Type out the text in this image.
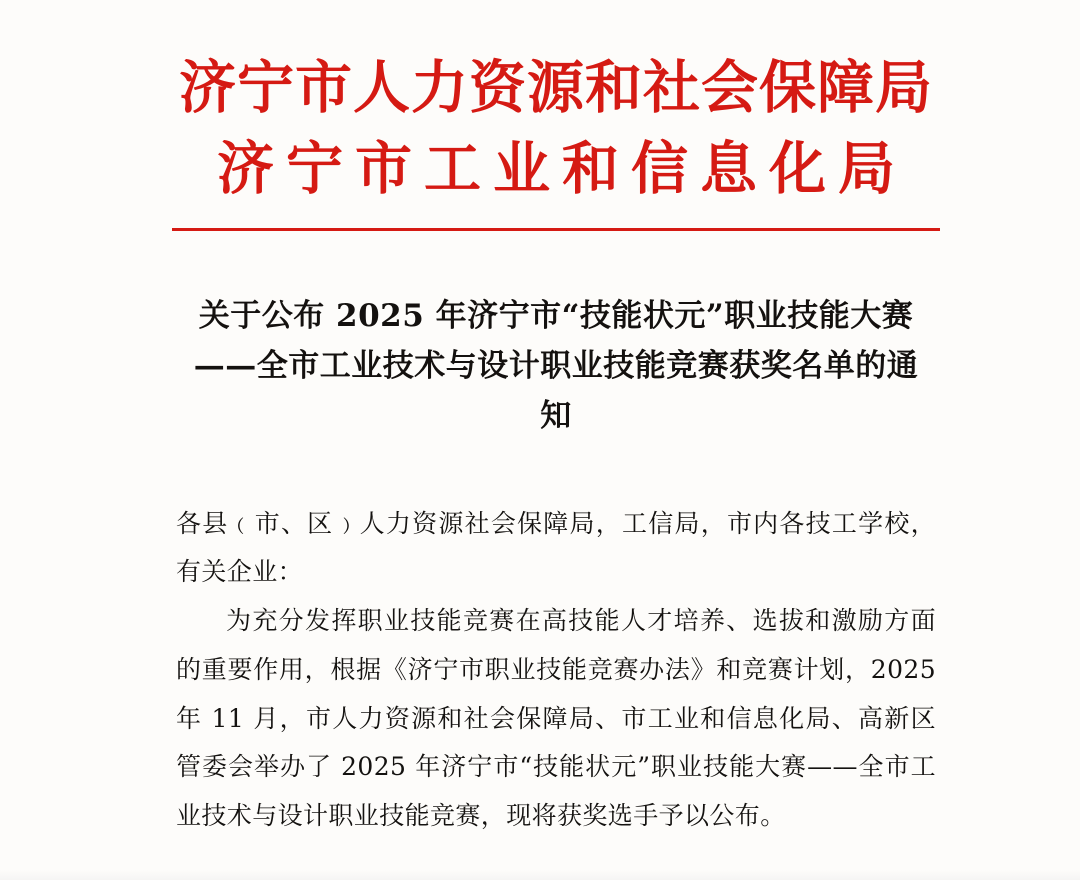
济宁市人力资源和社会保障局
济宁市工业和信息化局
关于公布 2025 年济宁市“技能状元”职业技能大赛——全市工业技术与设计职业技能竞赛获奖名单的通知

各县﹙市、区﹚人力资源社会保障局，工信局，市内各技工学校，有关企业：

为充分发挥职业技能竞赛在高技能人才培养、选拔和激励方面的重要作用，根据《济宁市职业技能竞赛办法》和竞赛计划，2025 年 11 月，市人力资源和社会保障局、市工业和信息化局、高新区管委会举办了 2025 年济宁市“技能状元”职业技能大赛——全市工业技术与设计职业技能竞赛，现将获奖选手予以公布。
